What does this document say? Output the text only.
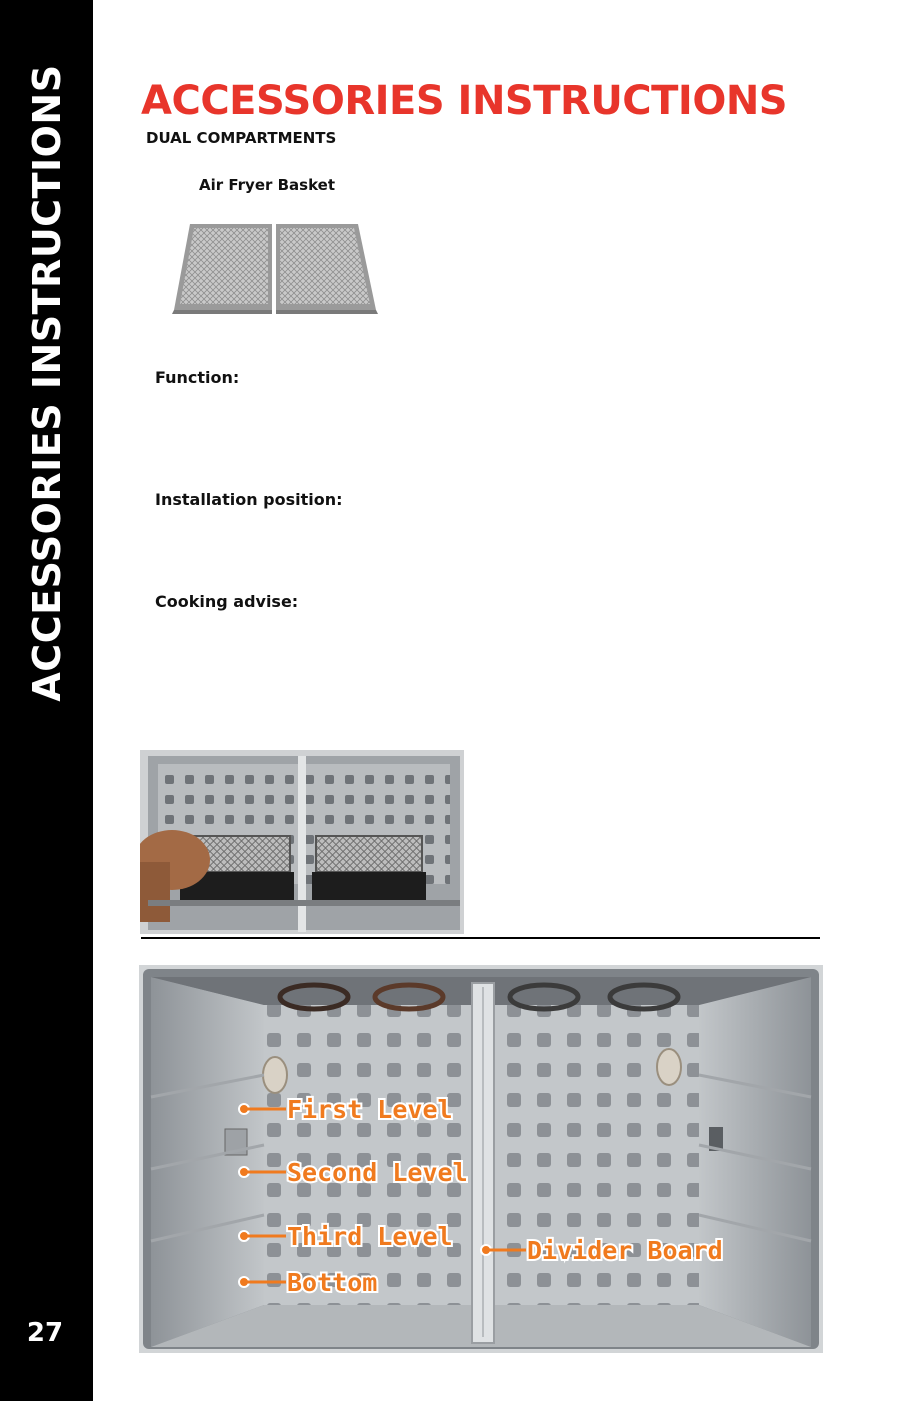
ACCESSORIES INSTRUCTIONS
27
ACCESSORIES INSTRUCTIONS
DUAL COMPARTMENTS
Air Fryer Basket
Function:
Installation position:
Cooking advise:
First Level
Second Level
Third Level
Bottom
Divider Board
